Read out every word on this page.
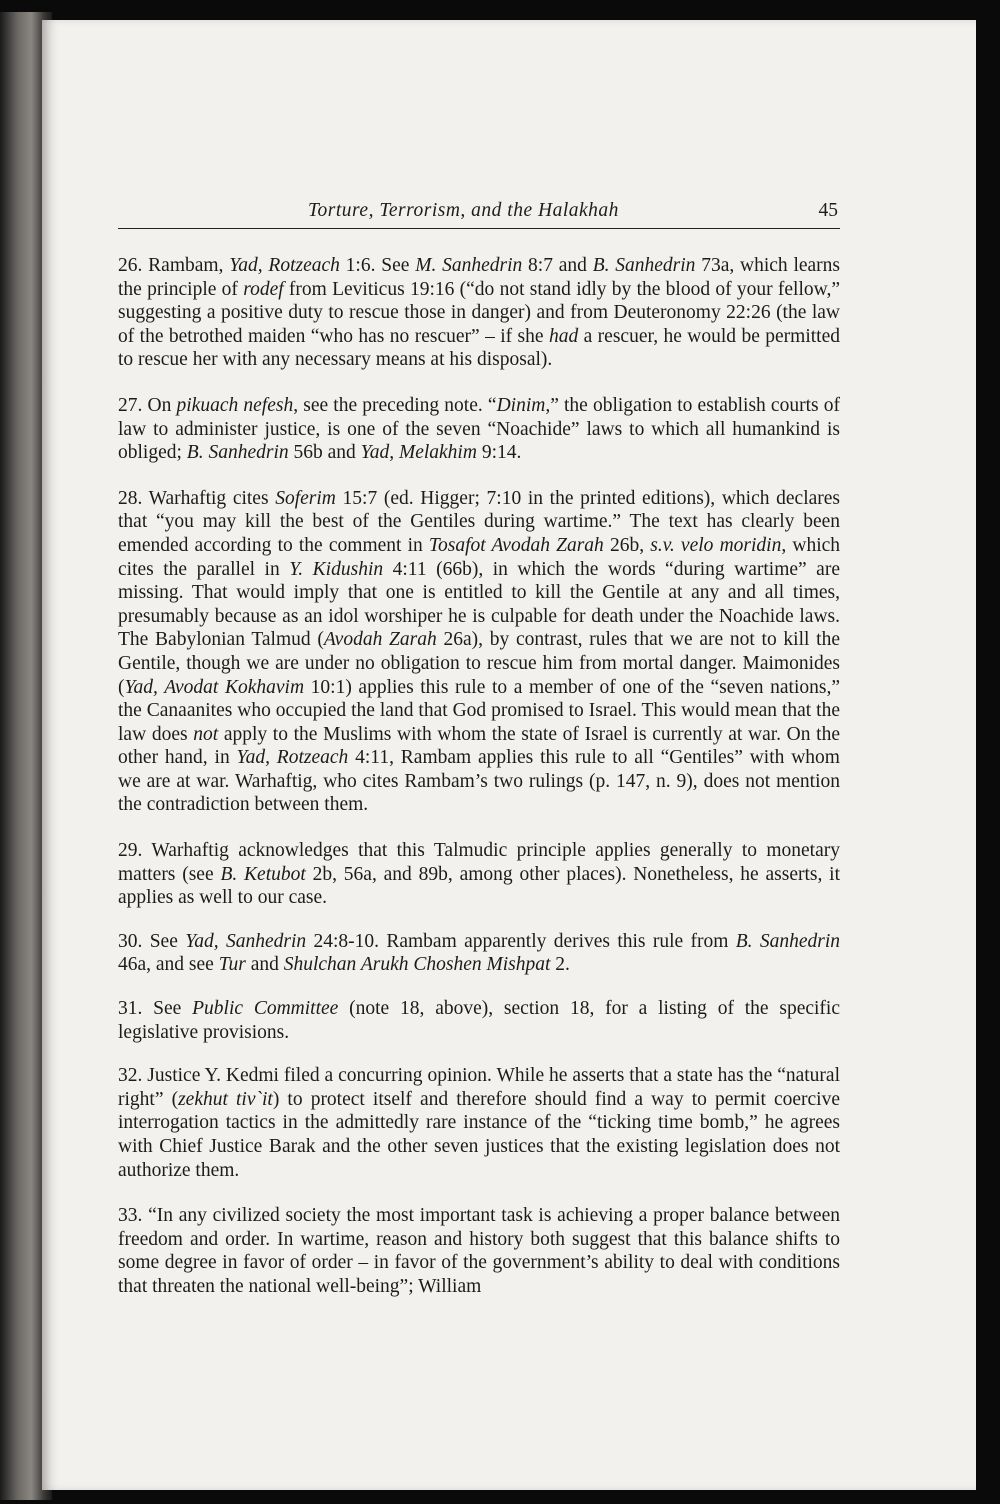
Torture, Terrorism, and the Halakhah	45

26. Rambam, Yad, Rotzeach 1:6. See M. Sanhedrin 8:7 and B. Sanhedrin 73a, which learns the principle of rodef from Leviticus 19:16 (“do not stand idly by the blood of your fellow,” suggesting a positive duty to rescue those in danger) and from Deuteronomy 22:26 (the law of the betrothed maiden “who has no rescuer” – if she had a rescuer, he would be permitted to rescue her with any necessary means at his disposal).

27. On pikuach nefesh, see the preceding note. “Dinim,” the obligation to establish courts of law to administer justice, is one of the seven “Noachide” laws to which all humankind is obliged; B. Sanhedrin 56b and Yad, Melakhim 9:14.

28. Warhaftig cites Soferim 15:7 (ed. Higger; 7:10 in the printed editions), which declares that “you may kill the best of the Gentiles during wartime.” The text has clearly been emended according to the comment in Tosafot Avodah Zarah 26b, s.v. velo moridin, which cites the parallel in Y. Kidushin 4:11 (66b), in which the words “during wartime” are missing. That would imply that one is entitled to kill the Gentile at any and all times, presumably because as an idol worshiper he is culpable for death under the Noachide laws. The Babylonian Talmud (Avodah Zarah 26a), by contrast, rules that we are not to kill the Gentile, though we are under no obligation to rescue him from mortal danger. Maimonides (Yad, Avodat Kokhavim 10:1) applies this rule to a member of one of the “seven nations,” the Canaanites who occupied the land that God promised to Israel. This would mean that the law does not apply to the Muslims with whom the state of Israel is currently at war. On the other hand, in Yad, Rotzeach 4:11, Rambam applies this rule to all “Gentiles” with whom we are at war. Warhaftig, who cites Rambam’s two rulings (p. 147, n. 9), does not mention the contradiction between them.

29. Warhaftig acknowledges that this Talmudic principle applies generally to monetary matters (see B. Ketubot 2b, 56a, and 89b, among other places). Nonetheless, he asserts, it applies as well to our case.

30. See Yad, Sanhedrin 24:8-10. Rambam apparently derives this rule from B. Sanhedrin 46a, and see Tur and Shulchan Arukh Choshen Mishpat 2.

31. See Public Committee (note 18, above), section 18, for a listing of the specific legislative provisions.

32. Justice Y. Kedmi filed a concurring opinion. While he asserts that a state has the “natural right” (zekhut tiv`it) to protect itself and therefore should find a way to permit coercive interrogation tactics in the admittedly rare instance of the “ticking time bomb,” he agrees with Chief Justice Barak and the other seven justices that the existing legislation does not authorize them.

33. “In any civilized society the most important task is achieving a proper balance between freedom and order. In wartime, reason and history both suggest that this balance shifts to some degree in favor of order – in favor of the government’s ability to deal with conditions that threaten the national well-being”; William
